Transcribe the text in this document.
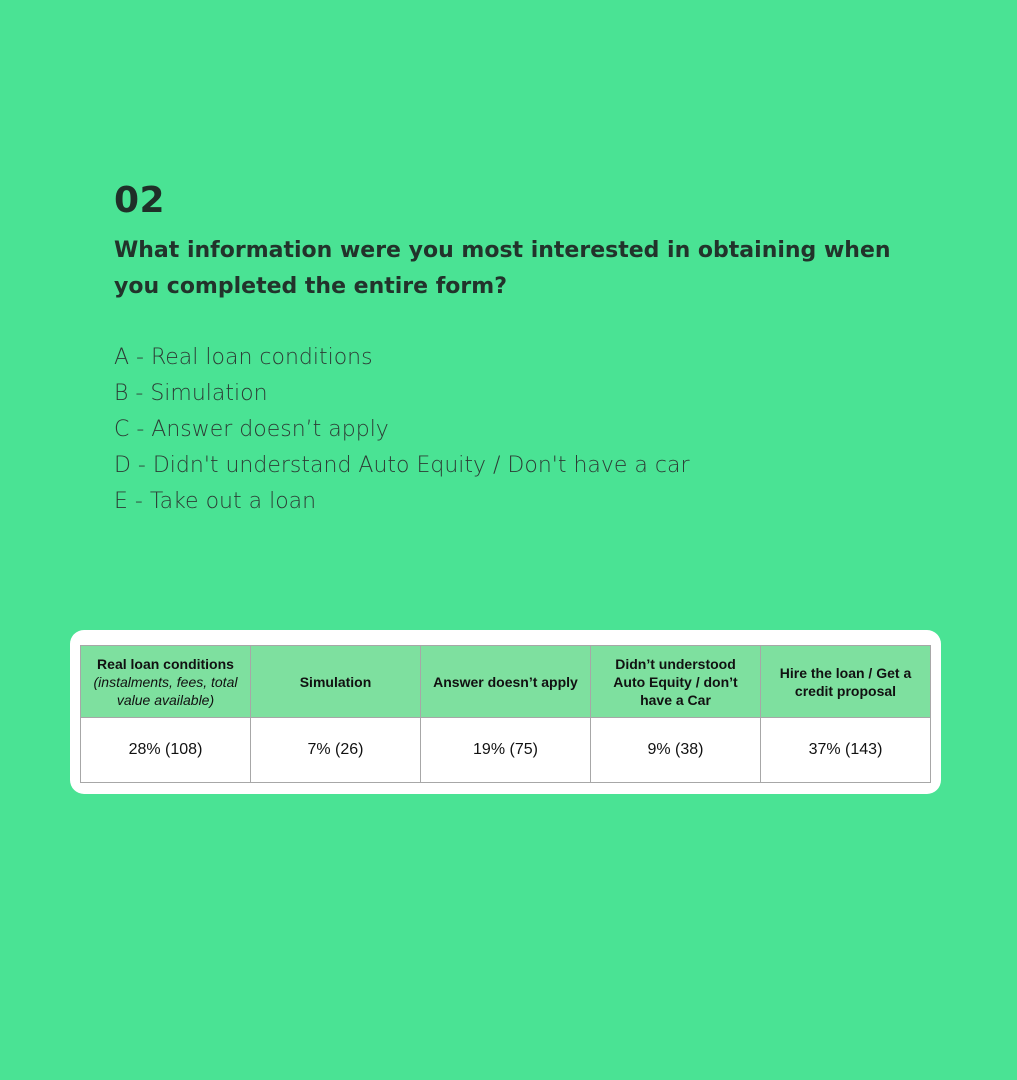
02
What information were you most interested in obtaining when you completed the entire form?
A - Real loan conditions
B - Simulation
C - Answer doesn’t apply
D - Didn't understand Auto Equity / Don't have a car
E - Take out a loan
Real loan conditions
(instalments, fees, total value available)	Simulation	Answer doesn’t apply	Didn’t understood Auto Equity / don’t have a Car	Hire the loan / Get a credit proposal
28% (108)	7% (26)	19% (75)	9% (38)	37% (143)
